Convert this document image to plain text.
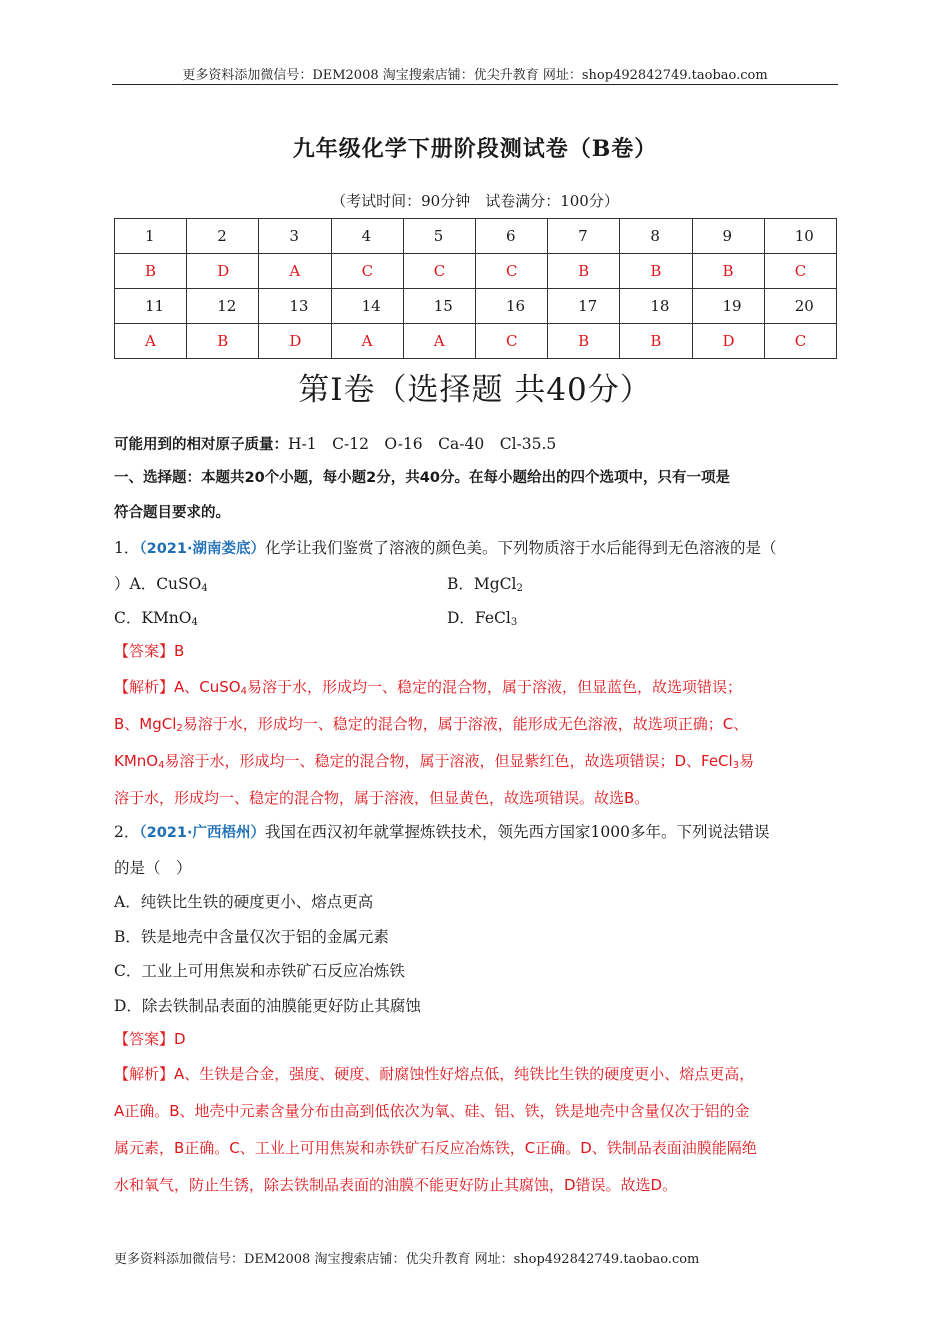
更多资料添加微信号：DEM2008 淘宝搜索店铺：优尖升教育 网址：shop492842749.taobao.com
九年级化学下册阶段测试卷（B卷）
（考试时间：90分钟　试卷满分：100分）
1	2	3	4	5	6	7	8	9	10
B	D	A	C	C	C	B	B	B	C
11	12	13	14	15	16	17	18	19	20
A	B	D	A	A	C	B	B	D	C
第Ⅰ卷（选择题 共40分）
可能用到的相对原子质量：H-1　C-12　O-16　Ca-40　Cl-35.5
一、选择题：本题共20个小题，每小题2分，共40分。在每小题给出的四个选项中，只有一项是
符合题目要求的。
1．（2021·湖南娄底）化学让我们鉴赏了溶液的颜色美。下列物质溶于水后能得到无色溶液的是（
）A．CuSO$_4$	B．MgCl$_2$
C．KMnO$_4$	D．FeCl$_3$
【答案】B
【解析】A、CuSO$_4$易溶于水，形成均一、稳定的混合物，属于溶液，但显蓝色，故选项错误；
B、MgCl$_2$易溶于水，形成均一、稳定的混合物，属于溶液，能形成无色溶液，故选项正确；C、
KMnO$_4$易溶于水，形成均一、稳定的混合物，属于溶液，但显紫红色，故选项错误；D、FeCl$_3$易
溶于水，形成均一、稳定的混合物，属于溶液，但显黄色，故选项错误。故选B。
2．（2021·广西梧州）我国在西汉初年就掌握炼铁技术，领先西方国家1000多年。下列说法错误
的是（　）
A．纯铁比生铁的硬度更小、熔点更高
B．铁是地壳中含量仅次于铝的金属元素
C．工业上可用焦炭和赤铁矿石反应冶炼铁
D．除去铁制品表面的油膜能更好防止其腐蚀
【答案】D
【解析】A、生铁是合金，强度、硬度、耐腐蚀性好熔点低，纯铁比生铁的硬度更小、熔点更高，
A正确。B、地壳中元素含量分布由高到低依次为氧、硅、铝、铁，铁是地壳中含量仅次于铝的金
属元素，B正确。C、工业上可用焦炭和赤铁矿石反应冶炼铁，C正确。D、铁制品表面油膜能隔绝
水和氧气，防止生锈，除去铁制品表面的油膜不能更好防止其腐蚀，D错误。故选D。
更多资料添加微信号：DEM2008 淘宝搜索店铺：优尖升教育 网址：shop492842749.taobao.com
